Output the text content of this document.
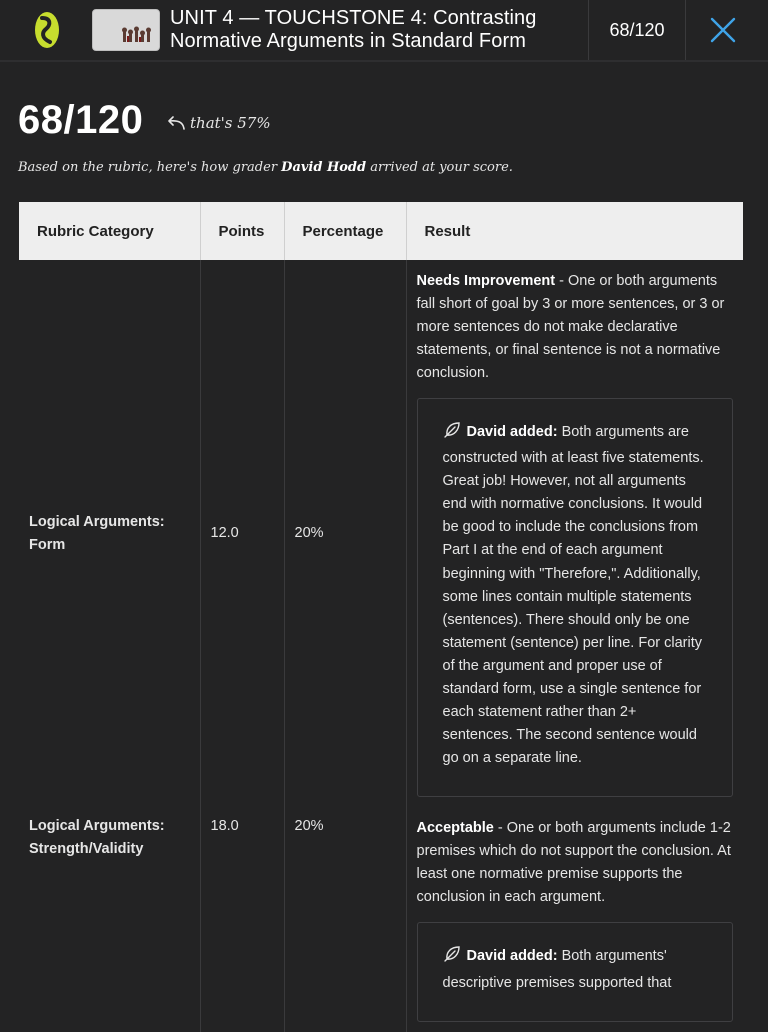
UNIT 4 — TOUCHSTONE 4: Contrasting Normative Arguments in Standard Form
68/120
68/120	that's 57%
Based on the rubric, here's how grader David Hodd arrived at your score.
Rubric Category	Points	Percentage	Result
Logical Arguments: Form	12.0	20%	Needs Improvement - One or both arguments fall short of goal by 3 or more sentences, or 3 or more sentences do not make declarative statements, or final sentence is not a normative conclusion.
David added: Both arguments are constructed with at least five statements. Great job! However, not all arguments end with normative conclusions. It would be good to include the conclusions from Part I at the end of each argument beginning with "Therefore,". Additionally, some lines contain multiple statements (sentences). There should only be one statement (sentence) per line. For clarity of the argument and proper use of standard form, use a single sentence for each statement rather than 2+ sentences. The second sentence would go on a separate line.

Logical Arguments: Strength/Validity	18.0	20%	Acceptable - One or both arguments include 1-2 premises which do not support the conclusion. At least one normative premise supports the conclusion in each argument.
David added: Both arguments' descriptive premises supported that
